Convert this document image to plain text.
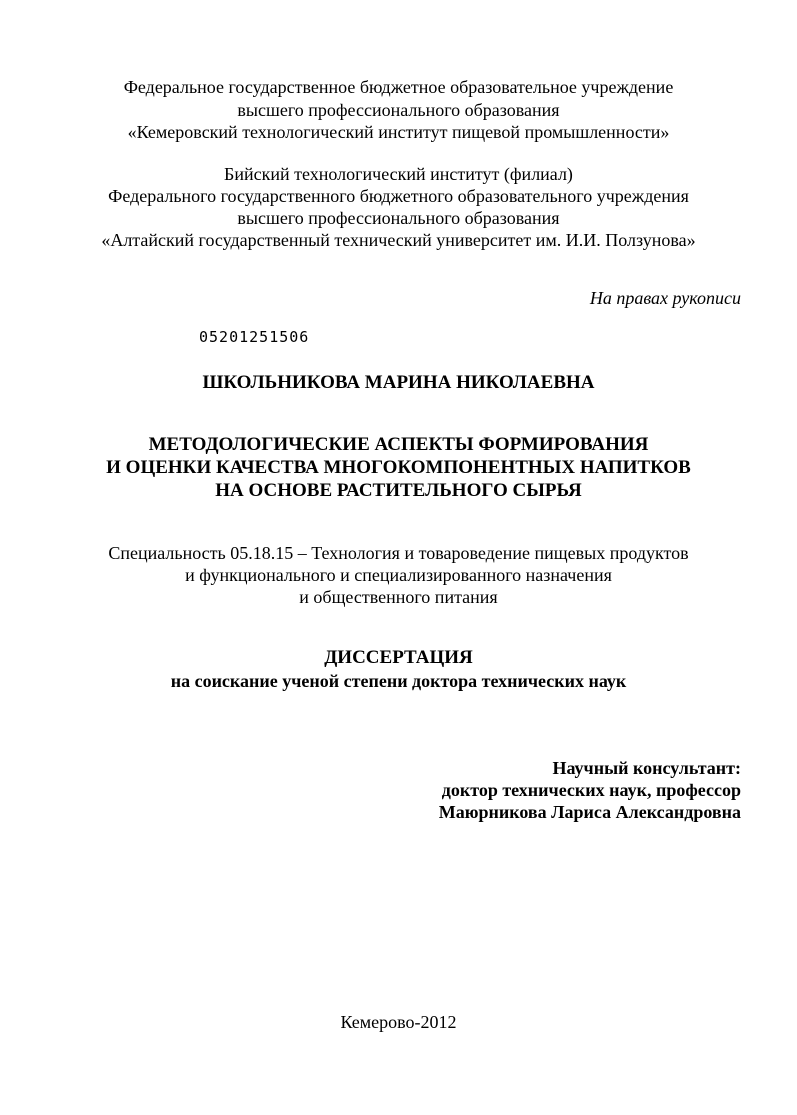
Федеральное государственное бюджетное образовательное учреждение
высшего профессионального образования
«Кемеровский технологический институт пищевой промышленности»
Бийский технологический институт (филиал)
Федерального государственного бюджетного образовательного учреждения
высшего профессионального образования
«Алтайский государственный технический университет им. И.И. Ползунова»
На правах рукописи
05201251506
ШКОЛЬНИКОВА МАРИНА НИКОЛАЕВНА
МЕТОДОЛОГИЧЕСКИЕ АСПЕКТЫ ФОРМИРОВАНИЯ
И ОЦЕНКИ КАЧЕСТВА МНОГОКОМПОНЕНТНЫХ НАПИТКОВ
НА ОСНОВЕ РАСТИТЕЛЬНОГО СЫРЬЯ
Специальность 05.18.15 – Технология и товароведение пищевых продуктов
и функционального и специализированного назначения
и общественного питания
ДИССЕРТАЦИЯ
на соискание ученой степени доктора технических наук
Научный консультант:
доктор технических наук, профессор
Маюрникова Лариса Александровна
Кемерово-2012
